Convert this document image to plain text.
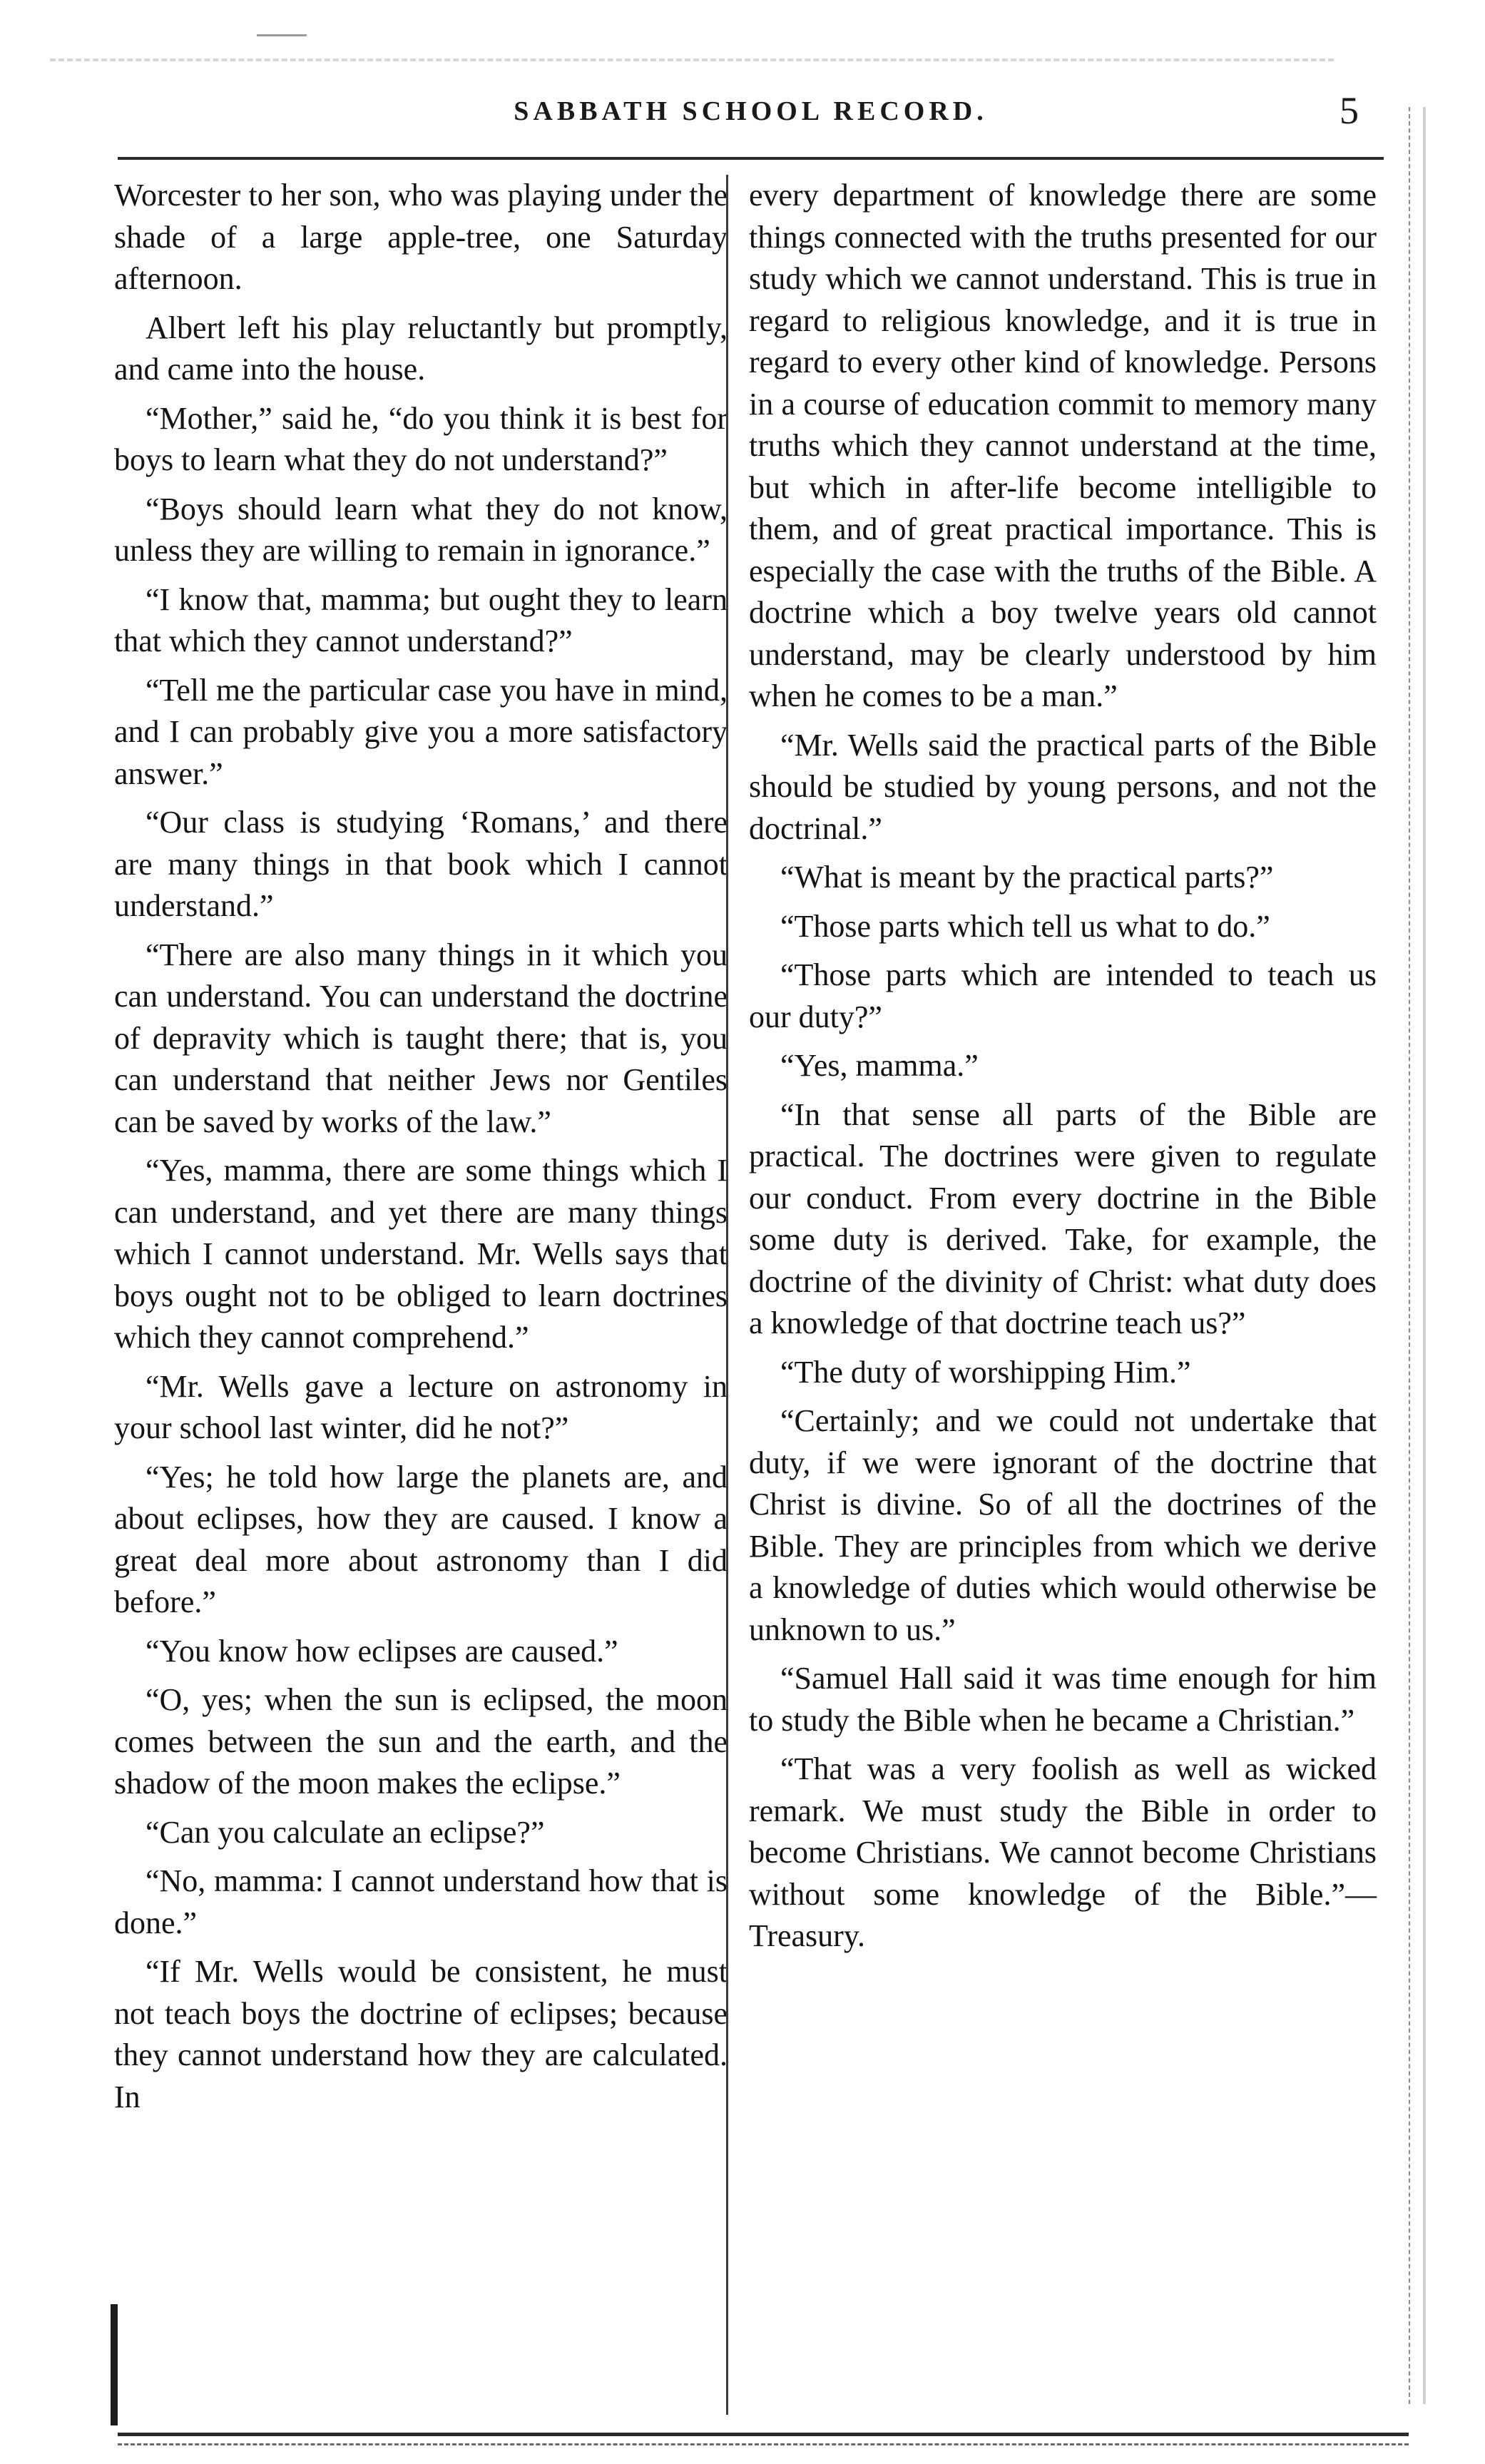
SABBATH SCHOOL RECORD.	5

Worcester to her son, who was playing under the shade of a large apple-tree, one Saturday afternoon.

Albert left his play reluctantly but promptly, and came into the house.

“Mother,” said he, “do you think it is best for boys to learn what they do not understand?”

“Boys should learn what they do not know, unless they are willing to remain in ignorance.”

“I know that, mamma; but ought they to learn that which they cannot understand?”

“Tell me the particular case you have in mind, and I can probably give you a more satisfactory answer.”

“Our class is studying ‘Romans,’ and there are many things in that book which I cannot understand.”

“There are also many things in it which you can understand. You can understand the doctrine of depravity which is taught there; that is, you can understand that neither Jews nor Gentiles can be saved by works of the law.”

“Yes, mamma, there are some things which I can understand, and yet there are many things which I cannot understand. Mr. Wells says that boys ought not to be obliged to learn doctrines which they cannot comprehend.”

“Mr. Wells gave a lecture on astronomy in your school last winter, did he not?”

“Yes; he told how large the planets are, and about eclipses, how they are caused. I know a great deal more about astronomy than I did before.”

“You know how eclipses are caused.”

“O, yes; when the sun is eclipsed, the moon comes between the sun and the earth, and the shadow of the moon makes the eclipse.”

“Can you calculate an eclipse?”

“No, mamma: I cannot understand how that is done.”

“If Mr. Wells would be consistent, he must not teach boys the doctrine of eclipses; because they cannot understand how they are calculated. In

every department of knowledge there are some things connected with the truths presented for our study which we cannot understand. This is true in regard to religious knowledge, and it is true in regard to every other kind of knowledge. Persons in a course of education commit to memory many truths which they cannot understand at the time, but which in after-life become intelligible to them, and of great practical importance. This is especially the case with the truths of the Bible. A doctrine which a boy twelve years old cannot understand, may be clearly understood by him when he comes to be a man.”

“Mr. Wells said the practical parts of the Bible should be studied by young persons, and not the doctrinal.”

“What is meant by the practical parts?”

“Those parts which tell us what to do.”

“Those parts which are intended to teach us our duty?”

“Yes, mamma.”

“In that sense all parts of the Bible are practical. The doctrines were given to regulate our conduct. From every doctrine in the Bible some duty is derived. Take, for example, the doctrine of the divinity of Christ: what duty does a knowledge of that doctrine teach us?”

“The duty of worshipping Him.”

“Certainly; and we could not undertake that duty, if we were ignorant of the doctrine that Christ is divine. So of all the doctrines of the Bible. They are principles from which we derive a knowledge of duties which would otherwise be unknown to us.”

“Samuel Hall said it was time enough for him to study the Bible when he became a Christian.”

“That was a very foolish as well as wicked remark. We must study the Bible in order to become Christians. We cannot become Christians without some knowledge of the Bible.”—Treasury.
